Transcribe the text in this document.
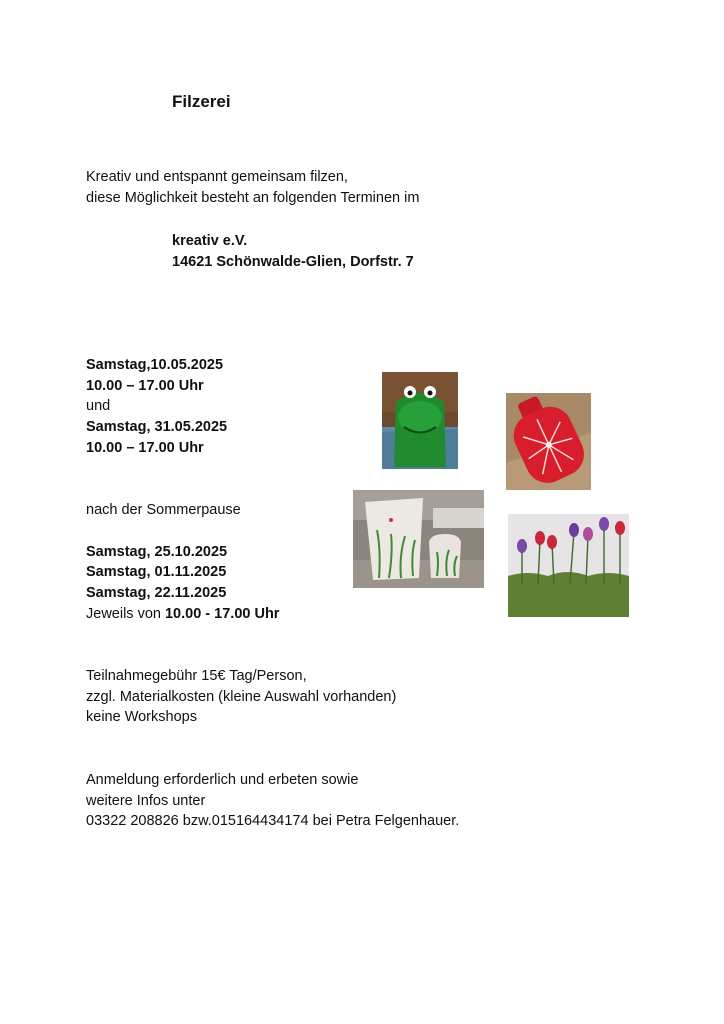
Filzerei
Kreativ und entspannt gemeinsam filzen,
diese Möglichkeit besteht an folgenden Terminen im
kreativ e.V.
14621 Schönwalde-Glien, Dorfstr. 7
Samstag,10.05.2025
10.00 – 17.00 Uhr
und
Samstag, 31.05.2025
10.00 – 17.00 Uhr
nach der Sommerpause
Samstag, 25.10.2025
Samstag, 01.11.2025
Samstag, 22.11.2025
Jeweils von 10.00 - 17.00 Uhr
Teilnahmegebühr 15€ Tag/Person,
zzgl. Materialkosten (kleine Auswahl vorhanden)
keine Workshops
Anmeldung erforderlich und erbeten sowie
weitere Infos unter
03322 208826 bzw.015164434174 bei Petra Felgenhauer.
